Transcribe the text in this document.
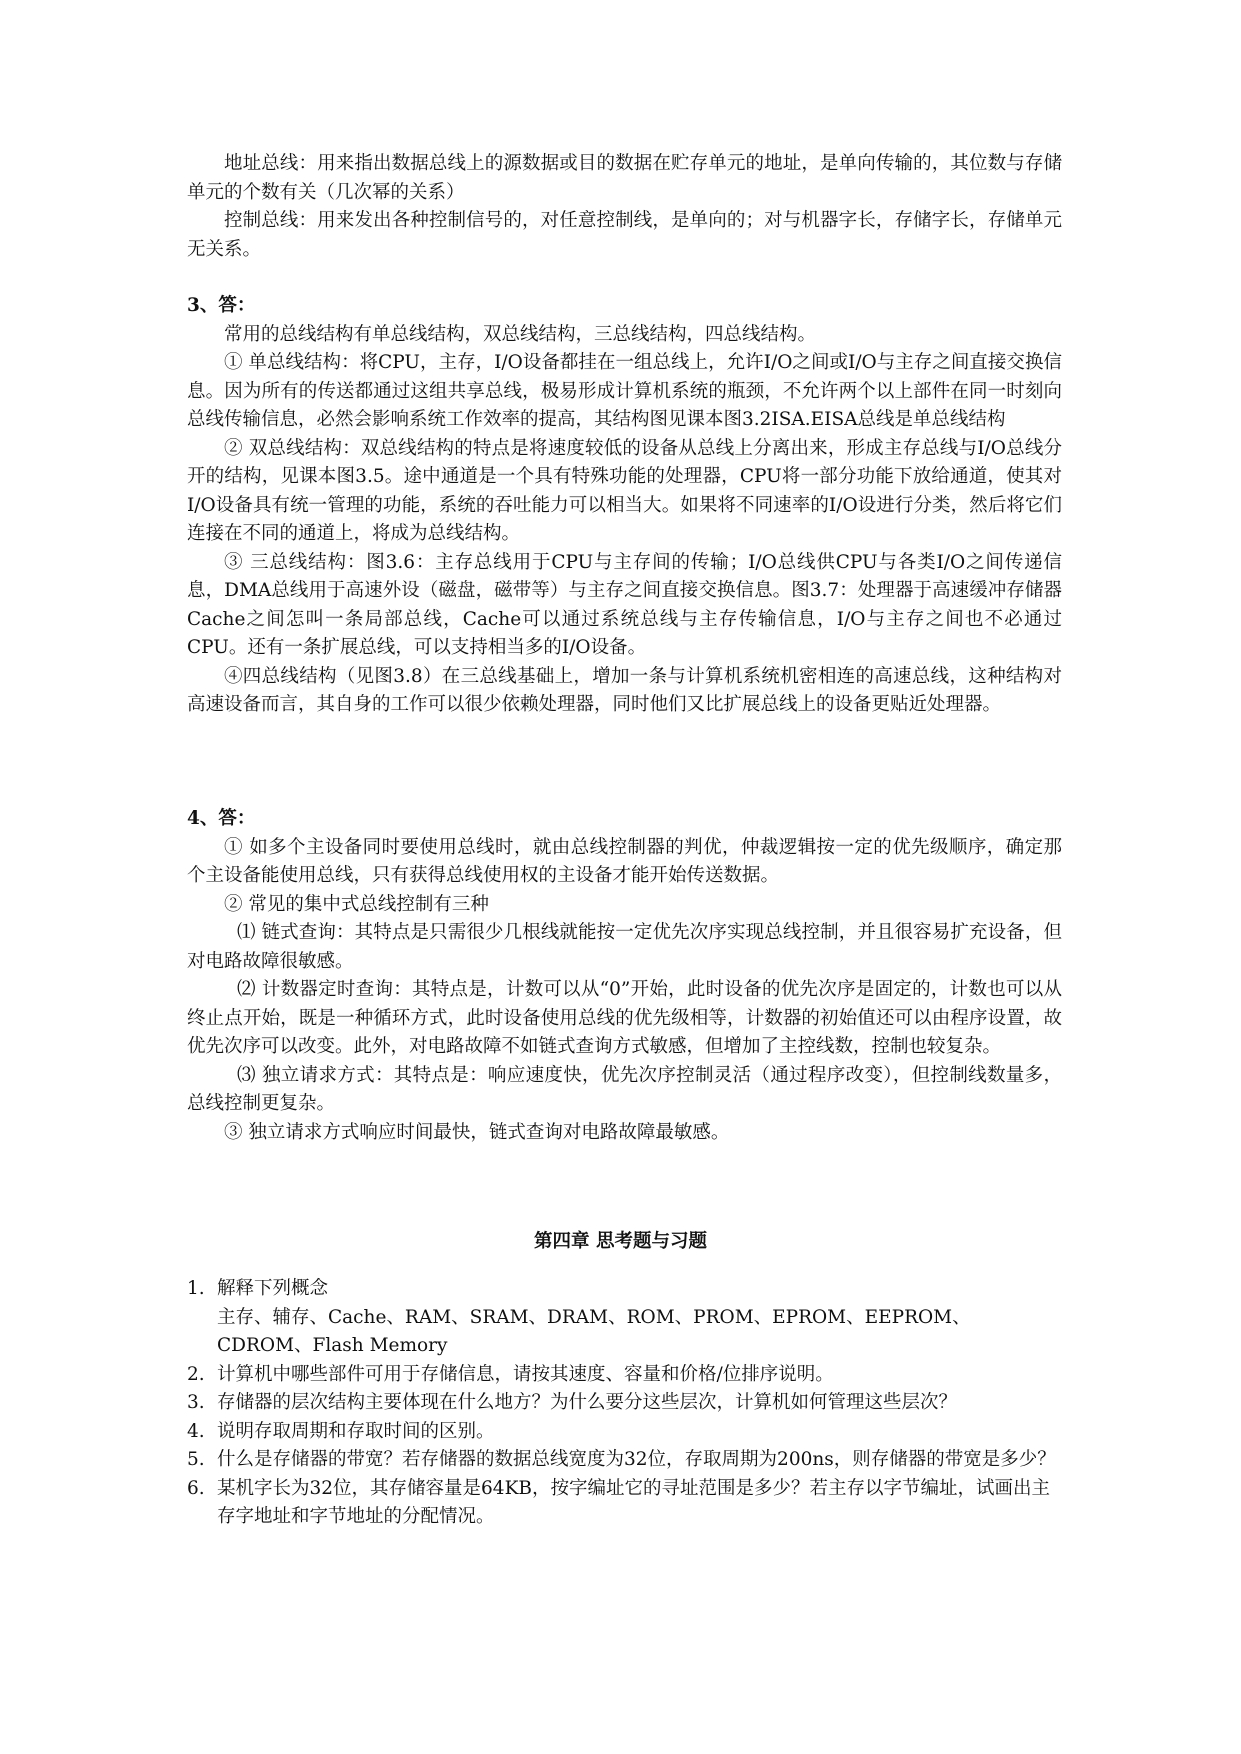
地址总线：用来指出数据总线上的源数据或目的数据在贮存单元的地址，是单向传输的，其位数与存储单元的个数有关（几次幂的关系）

控制总线：用来发出各种控制信号的，对任意控制线，是单向的；对与机器字长，存储字长，存储单元无关系。

3、答：

常用的总线结构有单总线结构，双总线结构，三总线结构，四总线结构。

① 单总线结构：将CPU，主存，I/O设备都挂在一组总线上，允许I/O之间或I/O与主存之间直接交换信息。因为所有的传送都通过这组共享总线，极易形成计算机系统的瓶颈，不允许两个以上部件在同一时刻向总线传输信息，必然会影响系统工作效率的提高，其结构图见课本图3.2ISA.EISA总线是单总线结构

② 双总线结构：双总线结构的特点是将速度较低的设备从总线上分离出来，形成主存总线与I/O总线分开的结构，见课本图3.5。途中通道是一个具有特殊功能的处理器，CPU将一部分功能下放给通道，使其对I/O设备具有统一管理的功能，系统的吞吐能力可以相当大。如果将不同速率的I/O设进行分类，然后将它们连接在不同的通道上，将成为总线结构。

③ 三总线结构：图3.6：主存总线用于CPU与主存间的传输；I/O总线供CPU与各类I/O之间传递信息，DMA总线用于高速外设（磁盘，磁带等）与主存之间直接交换信息。图3.7：处理器于高速缓冲存储器Cache之间怎叫一条局部总线，Cache可以通过系统总线与主存传输信息，I/O与主存之间也不必通过CPU。还有一条扩展总线，可以支持相当多的I/O设备。

④四总线结构（见图3.8）在三总线基础上，增加一条与计算机系统机密相连的高速总线，这种结构对高速设备而言，其自身的工作可以很少依赖处理器，同时他们又比扩展总线上的设备更贴近处理器。

4、答：

① 如多个主设备同时要使用总线时，就由总线控制器的判优，仲裁逻辑按一定的优先级顺序，确定那个主设备能使用总线，只有获得总线使用权的主设备才能开始传送数据。

② 常见的集中式总线控制有三种

⑴ 链式查询：其特点是只需很少几根线就能按一定优先次序实现总线控制，并且很容易扩充设备，但对电路故障很敏感。

⑵ 计数器定时查询：其特点是，计数可以从“0”开始，此时设备的优先次序是固定的，计数也可以从终止点开始，既是一种循环方式，此时设备使用总线的优先级相等，计数器的初始值还可以由程序设置，故优先次序可以改变。此外，对电路故障不如链式查询方式敏感，但增加了主控线数，控制也较复杂。

⑶ 独立请求方式：其特点是：响应速度快，优先次序控制灵活（通过程序改变），但控制线数量多，总线控制更复杂。

③ 独立请求方式响应时间最快，链式查询对电路故障最敏感。

第四章 思考题与习题

1. 解释下列概念
主存、辅存、Cache、RAM、SRAM、DRAM、ROM、PROM、EPROM、EEPROM、CDROM、Flash Memory
2. 计算机中哪些部件可用于存储信息，请按其速度、容量和价格/位排序说明。
3. 存储器的层次结构主要体现在什么地方？为什么要分这些层次，计算机如何管理这些层次？
4. 说明存取周期和存取时间的区别。
5. 什么是存储器的带宽？若存储器的数据总线宽度为32位，存取周期为200ns，则存储器的带宽是多少？
6. 某机字长为32位，其存储容量是64KB，按字编址它的寻址范围是多少？若主存以字节编址，试画出主存字地址和字节地址的分配情况。
